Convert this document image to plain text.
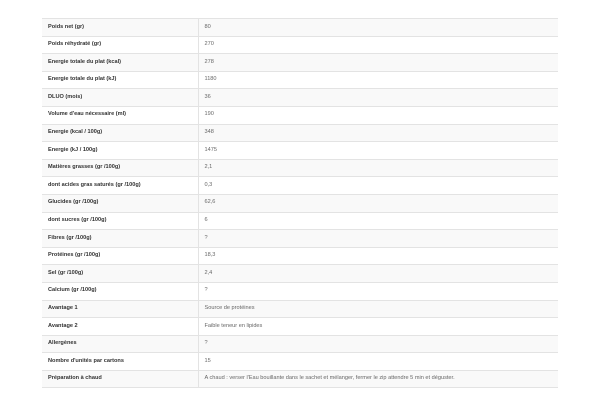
Poids net (gr)	80
Poids réhydraté (gr)	270
Energie totale du plat (kcal)	278
Energie totale du plat (kJ)	1180
DLUO (mois)	36
Volume d'eau nécessaire (ml)	190
Energie (kcal / 100g)	348
Energie (kJ / 100g)	1475
Matières grasses (gr /100g)	2,1
dont acides gras saturés (gr /100g)	0,3
Glucides (gr /100g)	62,6
dont sucres (gr /100g)	6
Fibres (gr /100g)	?
Protéines (gr /100g)	18,3
Sel (gr /100g)	2,4
Calcium (gr /100g)	?
Avantage 1	Source de protéines
Avantage 2	Faible teneur en lipides
Allergènes	?
Nombre d'unités par cartons	15
Préparation à chaud	A chaud : verser l'Eau bouillante dans le sachet et mélanger, fermer le zip attendre 5 min et déguster.
